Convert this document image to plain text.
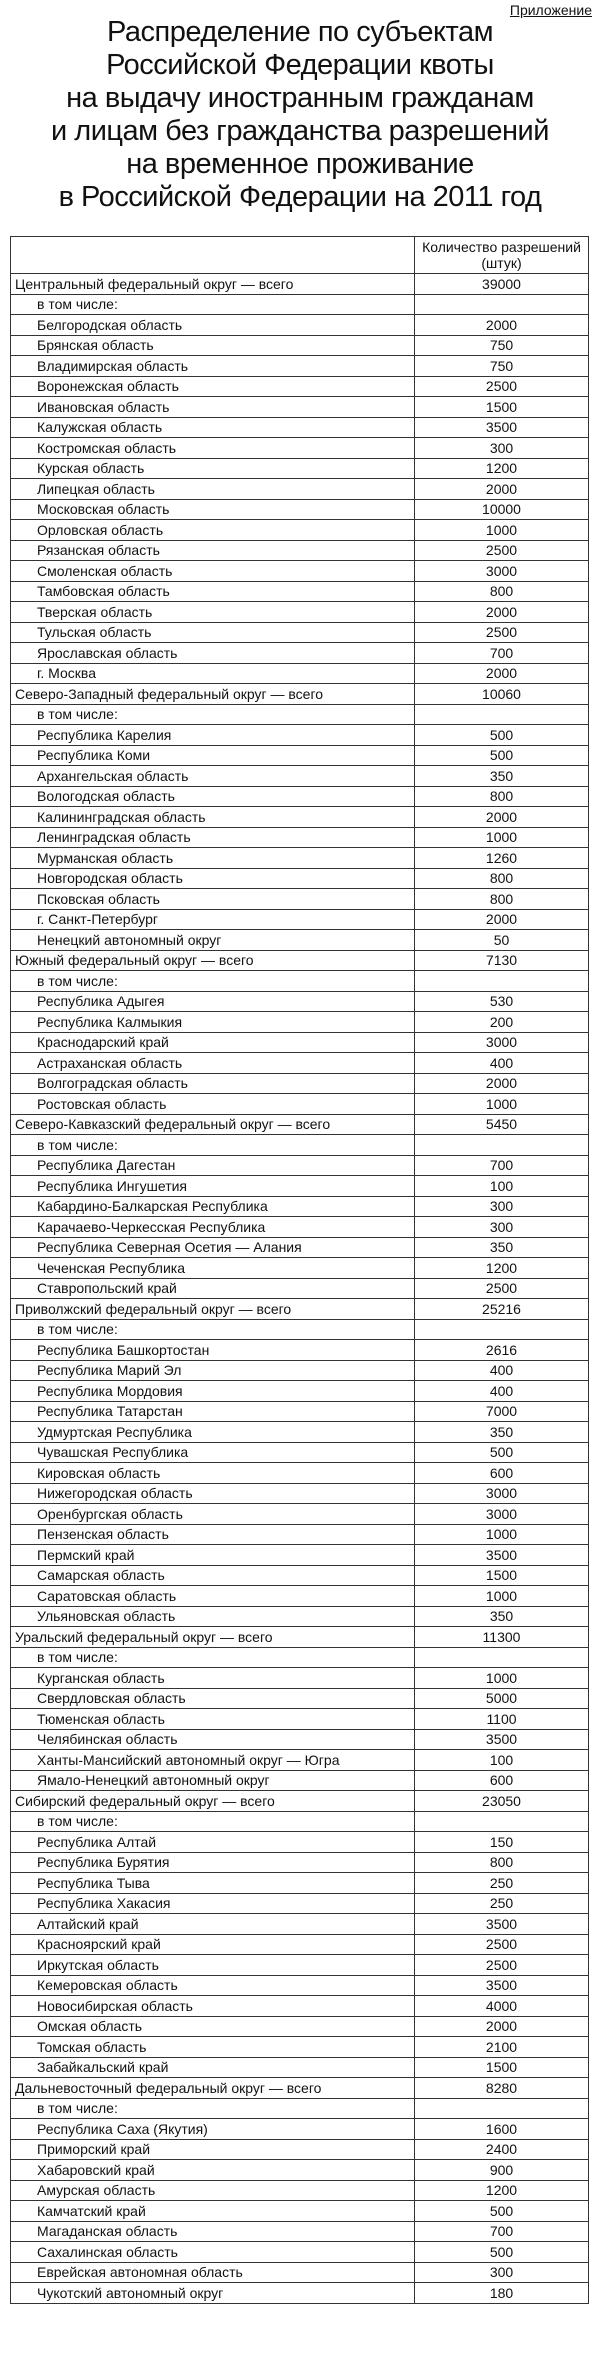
Приложение
Распределение по субъектам
Российской Федерации квоты
на выдачу иностранным гражданам
и лицам без гражданства разрешений
на временное проживание
в Российской Федерации на 2011 год

	Количество разрешений
(штук)

Центральный федеральный округ — всего	39000
в том числе:	
Белгородская область	2000
Брянская область	750
Владимирская область	750
Воронежская область	2500
Ивановская область	1500
Калужская область	3500
Костромская область	300
Курская область	1200
Липецкая область	2000
Московская область	10000
Орловская область	1000
Рязанская область	2500
Смоленская область	3000
Тамбовская область	800
Тверская область	2000
Тульская область	2500
Ярославская область	700
г. Москва	2000
Северо-Западный федеральный округ — всего	10060
в том числе:	
Республика Карелия	500
Республика Коми	500
Архангельская область	350
Вологодская область	800
Калининградская область	2000
Ленинградская область	1000
Мурманская область	1260
Новгородская область	800
Псковская область	800
г. Санкт-Петербург	2000
Ненецкий автономный округ	50
Южный федеральный округ — всего	7130
в том числе:	
Республика Адыгея	530
Республика Калмыкия	200
Краснодарский край	3000
Астраханская область	400
Волгоградская область	2000
Ростовская область	1000
Северо-Кавказский федеральный округ — всего	5450
в том числе:	
Республика Дагестан	700
Республика Ингушетия	100
Кабардино-Балкарская Республика	300
Карачаево-Черкесская Республика	300
Республика Северная Осетия — Алания	350
Чеченская Республика	1200
Ставропольский край	2500
Приволжский федеральный округ — всего	25216
в том числе:	
Республика Башкортостан	2616
Республика Марий Эл	400
Республика Мордовия	400
Республика Татарстан	7000
Удмуртская Республика	350
Чувашская Республика	500
Кировская область	600
Нижегородская область	3000
Оренбургская область	3000
Пензенская область	1000
Пермский край	3500
Самарская область	1500
Саратовская область	1000
Ульяновская область	350
Уральский федеральный округ — всего	11300
в том числе:	
Курганская область	1000
Свердловская область	5000
Тюменская область	1100
Челябинская область	3500
Ханты-Мансийский автономный округ — Югра	100
Ямало-Ненецкий автономный округ	600
Сибирский федеральный округ — всего	23050
в том числе:	
Республика Алтай	150
Республика Бурятия	800
Республика Тыва	250
Республика Хакасия	250
Алтайский край	3500
Красноярский край	2500
Иркутская область	2500
Кемеровская область	3500
Новосибирская область	4000
Омская область	2000
Томская область	2100
Забайкальский край	1500
Дальневосточный федеральный округ — всего	8280
в том числе:	
Республика Саха (Якутия)	1600
Приморский край	2400
Хабаровский край	900
Амурская область	1200
Камчатский край	500
Магаданская область	700
Сахалинская область	500
Еврейская автономная область	300
Чукотский автономный округ	180
